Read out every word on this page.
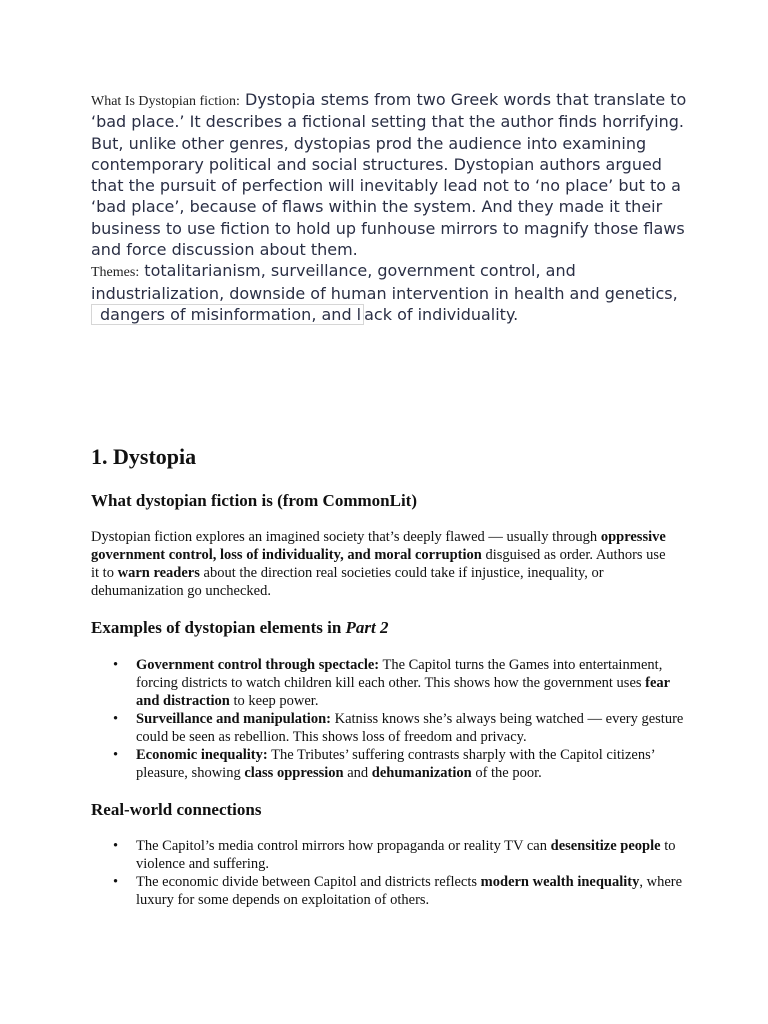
What Is Dystopian fiction: Dystopia stems from two Greek words that translate to ‘bad place.’ It describes a fictional setting that the author finds horrifying. But, unlike other genres, dystopias prod the audience into examining contemporary political and social structures. Dystopian authors argued that the pursuit of perfection will inevitably lead not to ‘no place’ but to a ‘bad place’, because of flaws within the system. And they made it their business to use fiction to hold up funhouse mirrors to magnify those flaws and force discussion about them.

Themes: totalitarianism, surveillance, government control, and industrialization, downside of human intervention in health and genetics, dangers of misinformation, and l ack of individuality.

1. Dystopia
What dystopian fiction is (from CommonLit)

Dystopian fiction explores an imagined society that’s deeply flawed — usually through oppressive government control, loss of individuality, and moral corruption disguised as order. Authors use it to warn readers about the direction real societies could take if injustice, inequality, or dehumanization go unchecked.

Examples of dystopian elements in Part 2
• Government control through spectacle: The Capitol turns the Games into entertainment, forcing districts to watch children kill each other. This shows how the government uses fear and distraction to keep power.
• Surveillance and manipulation: Katniss knows she’s always being watched — every gesture could be seen as rebellion. This shows loss of freedom and privacy.
• Economic inequality: The Tributes’ suffering contrasts sharply with the Capitol citizens’ pleasure, showing class oppression and dehumanization of the poor.
Real-world connections
• The Capitol’s media control mirrors how propaganda or reality TV can desensitize people to violence and suffering.
• The economic divide between Capitol and districts reflects modern wealth inequality, where luxury for some depends on exploitation of others.
